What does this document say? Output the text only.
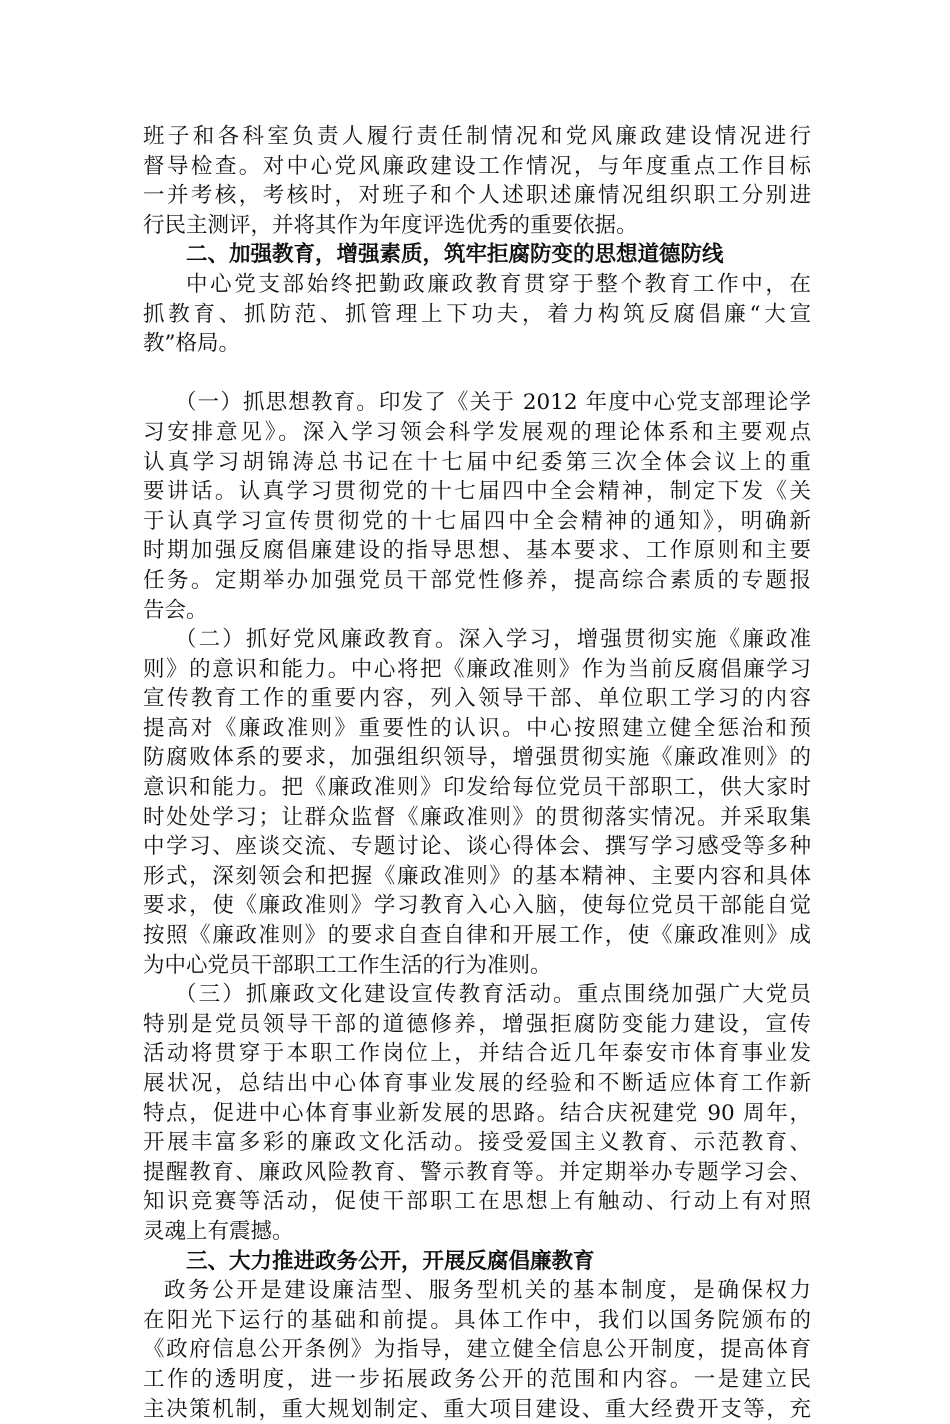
班子和各科室负责人履行责任制情况和党风廉政建设情况进行
督导检查。对中心党风廉政建设工作情况，与年度重点工作目标
一并考核，考核时，对班子和个人述职述廉情况组织职工分别进
行民主测评，并将其作为年度评选优秀的重要依据。
二、加强教育，增强素质，筑牢拒腐防变的思想道德防线
中心党支部始终把勤政廉政教育贯穿于整个教育工作中，在
抓教育、抓防范、抓管理上下功夫，着力构筑反腐倡廉“大宣
教”格局。
（一）抓思想教育。印发了《关于 2012 年度中心党支部理论学
习安排意见》。深入学习领会科学发展观的理论体系和主要观点
认真学习胡锦涛总书记在十七届中纪委第三次全体会议上的重
要讲话。认真学习贯彻党的十七届四中全会精神，制定下发《关
于认真学习宣传贯彻党的十七届四中全会精神的通知》，明确新
时期加强反腐倡廉建设的指导思想、基本要求、工作原则和主要
任务。定期举办加强党员干部党性修养，提高综合素质的专题报
告会。
（二）抓好党风廉政教育。深入学习，增强贯彻实施《廉政准
则》的意识和能力。中心将把《廉政准则》作为当前反腐倡廉学习
宣传教育工作的重要内容，列入领导干部、单位职工学习的内容
提高对《廉政准则》重要性的认识。中心按照建立健全惩治和预
防腐败体系的要求，加强组织领导，增强贯彻实施《廉政准则》的
意识和能力。把《廉政准则》印发给每位党员干部职工，供大家时
时处处学习；让群众监督《廉政准则》的贯彻落实情况。并采取集
中学习、座谈交流、专题讨论、谈心得体会、撰写学习感受等多种
形式，深刻领会和把握《廉政准则》的基本精神、主要内容和具体
要求，使《廉政准则》学习教育入心入脑，使每位党员干部能自觉
按照《廉政准则》的要求自查自律和开展工作，使《廉政准则》成
为中心党员干部职工工作生活的行为准则。
（三）抓廉政文化建设宣传教育活动。重点围绕加强广大党员
特别是党员领导干部的道德修养，增强拒腐防变能力建设，宣传
活动将贯穿于本职工作岗位上，并结合近几年泰安市体育事业发
展状况，总结出中心体育事业发展的经验和不断适应体育工作新
特点，促进中心体育事业新发展的思路。结合庆祝建党 90 周年，
开展丰富多彩的廉政文化活动。接受爱国主义教育、示范教育、
提醒教育、廉政风险教育、警示教育等。并定期举办专题学习会、
知识竞赛等活动，促使干部职工在思想上有触动、行动上有对照
灵魂上有震撼。
三、大力推进政务公开，开展反腐倡廉教育
政务公开是建设廉洁型、服务型机关的基本制度，是确保权力
在阳光下运行的基础和前提。具体工作中，我们以国务院颁布的
《政府信息公开条例》为指导，建立健全信息公开制度，提高体育
工作的透明度，进一步拓展政务公开的范围和内容。一是建立民
主决策机制，重大规划制定、重大项目建设、重大经费开支等，充
